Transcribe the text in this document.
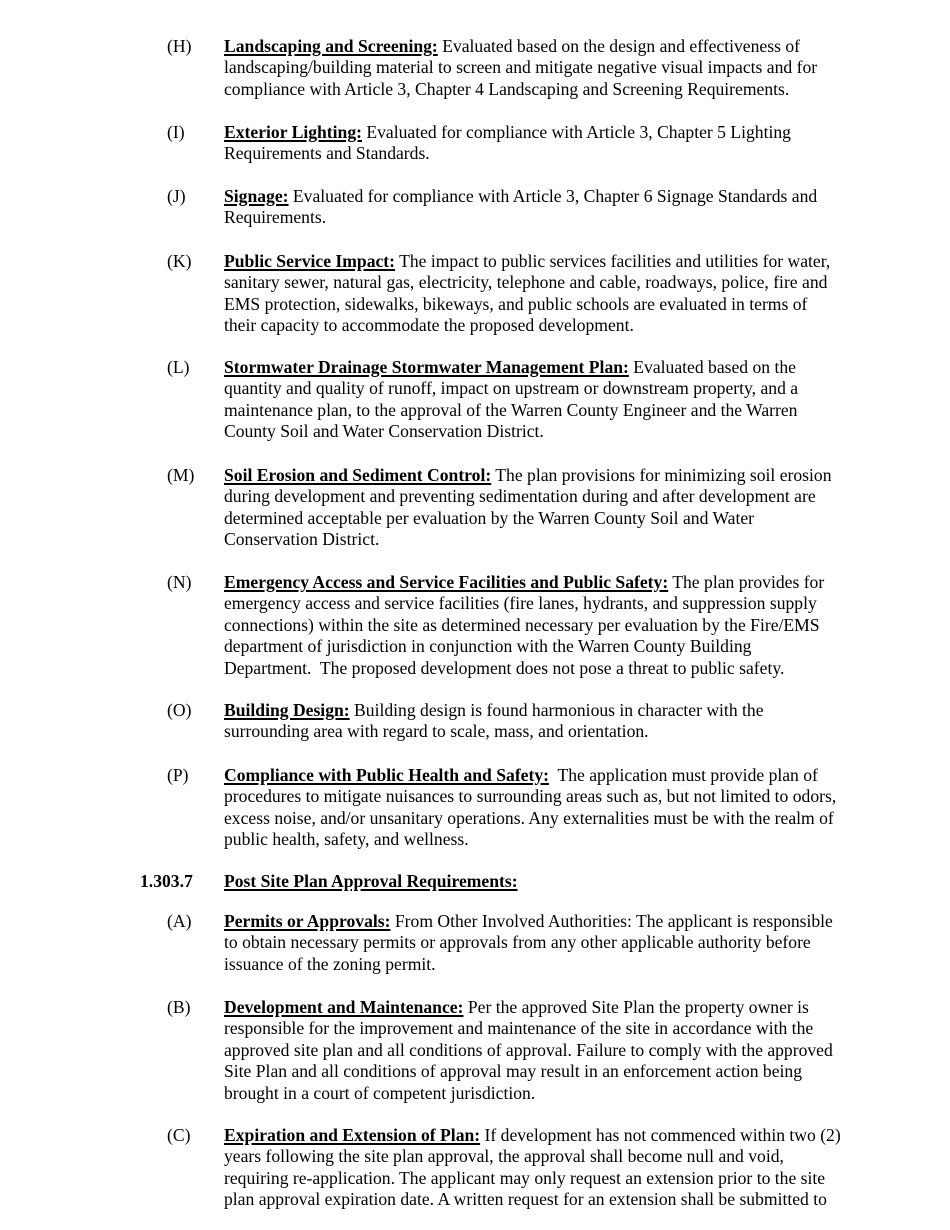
(H) Landscaping and Screening: Evaluated based on the design and effectiveness of
landscaping/building material to screen and mitigate negative visual impacts and for
compliance with Article 3, Chapter 4 Landscaping and Screening Requirements.
(I) Exterior Lighting: Evaluated for compliance with Article 3, Chapter 5 Lighting
Requirements and Standards.
(J) Signage: Evaluated for compliance with Article 3, Chapter 6 Signage Standards and
Requirements.
(K) Public Service Impact: The impact to public services facilities and utilities for water,
sanitary sewer, natural gas, electricity, telephone and cable, roadways, police, fire and
EMS protection, sidewalks, bikeways, and public schools are evaluated in terms of
their capacity to accommodate the proposed development.
(L) Stormwater Drainage Stormwater Management Plan: Evaluated based on the
quantity and quality of runoff, impact on upstream or downstream property, and a
maintenance plan, to the approval of the Warren County Engineer and the Warren
County Soil and Water Conservation District.
(M) Soil Erosion and Sediment Control: The plan provisions for minimizing soil erosion
during development and preventing sedimentation during and after development are
determined acceptable per evaluation by the Warren County Soil and Water
Conservation District.
(N) Emergency Access and Service Facilities and Public Safety: The plan provides for
emergency access and service facilities (fire lanes, hydrants, and suppression supply
connections) within the site as determined necessary per evaluation by the Fire/EMS
department of jurisdiction in conjunction with the Warren County Building
Department.  The proposed development does not pose a threat to public safety.
(O) Building Design: Building design is found harmonious in character with the
surrounding area with regard to scale, mass, and orientation.
(P) Compliance with Public Health and Safety:  The application must provide plan of
procedures to mitigate nuisances to surrounding areas such as, but not limited to odors,
excess noise, and/or unsanitary operations. Any externalities must be with the realm of
public health, safety, and wellness.
1.303.7 Post Site Plan Approval Requirements:
(A) Permits or Approvals: From Other Involved Authorities: The applicant is responsible
to obtain necessary permits or approvals from any other applicable authority before
issuance of the zoning permit.
(B) Development and Maintenance: Per the approved Site Plan the property owner is
responsible for the improvement and maintenance of the site in accordance with the
approved site plan and all conditions of approval. Failure to comply with the approved
Site Plan and all conditions of approval may result in an enforcement action being
brought in a court of competent jurisdiction.
(C) Expiration and Extension of Plan: If development has not commenced within two (2)
years following the site plan approval, the approval shall become null and void,
requiring re-application. The applicant may only request an extension prior to the site
plan approval expiration date. A written request for an extension shall be submitted to
